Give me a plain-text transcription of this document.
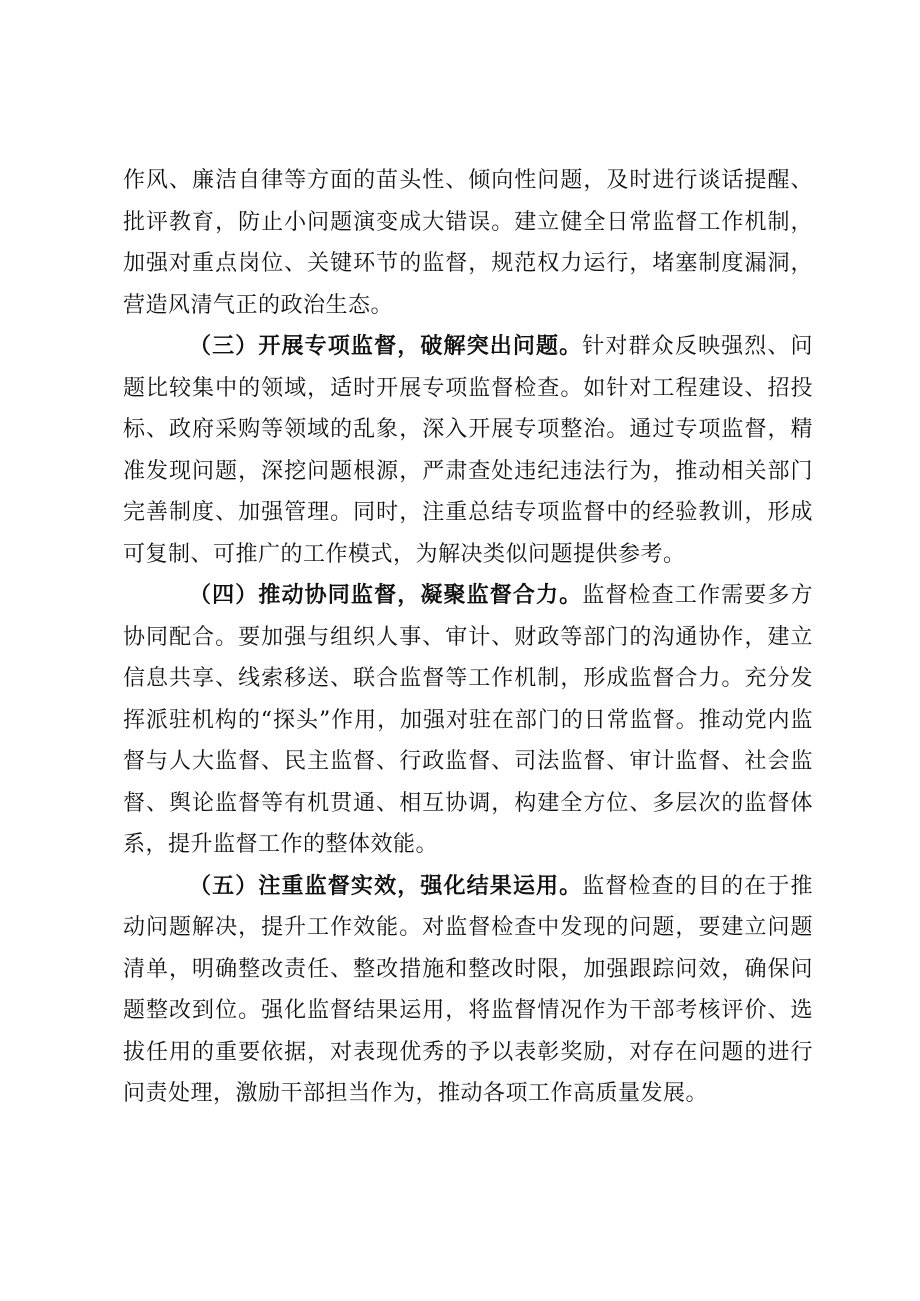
作风、廉洁自律等方面的苗头性、倾向性问题，及时进行谈话提醒、批评教育，防止小问题演变成大错误。建立健全日常监督工作机制，加强对重点岗位、关键环节的监督，规范权力运行，堵塞制度漏洞，营造风清气正的政治生态。

（三）开展专项监督，破解突出问题。针对群众反映强烈、问题比较集中的领域，适时开展专项监督检查。如针对工程建设、招投标、政府采购等领域的乱象，深入开展专项整治。通过专项监督，精准发现问题，深挖问题根源，严肃查处违纪违法行为，推动相关部门完善制度、加强管理。同时，注重总结专项监督中的经验教训，形成可复制、可推广的工作模式，为解决类似问题提供参考。

（四）推动协同监督，凝聚监督合力。监督检查工作需要多方协同配合。要加强与组织人事、审计、财政等部门的沟通协作，建立信息共享、线索移送、联合监督等工作机制，形成监督合力。充分发挥派驻机构的“探头”作用，加强对驻在部门的日常监督。推动党内监督与人大监督、民主监督、行政监督、司法监督、审计监督、社会监督、舆论监督等有机贯通、相互协调，构建全方位、多层次的监督体系，提升监督工作的整体效能。

（五）注重监督实效，强化结果运用。监督检查的目的在于推动问题解决，提升工作效能。对监督检查中发现的问题，要建立问题清单，明确整改责任、整改措施和整改时限，加强跟踪问效，确保问题整改到位。强化监督结果运用，将监督情况作为干部考核评价、选拔任用的重要依据，对表现优秀的予以表彰奖励，对存在问题的进行问责处理，激励干部担当作为，推动各项工作高质量发展。
